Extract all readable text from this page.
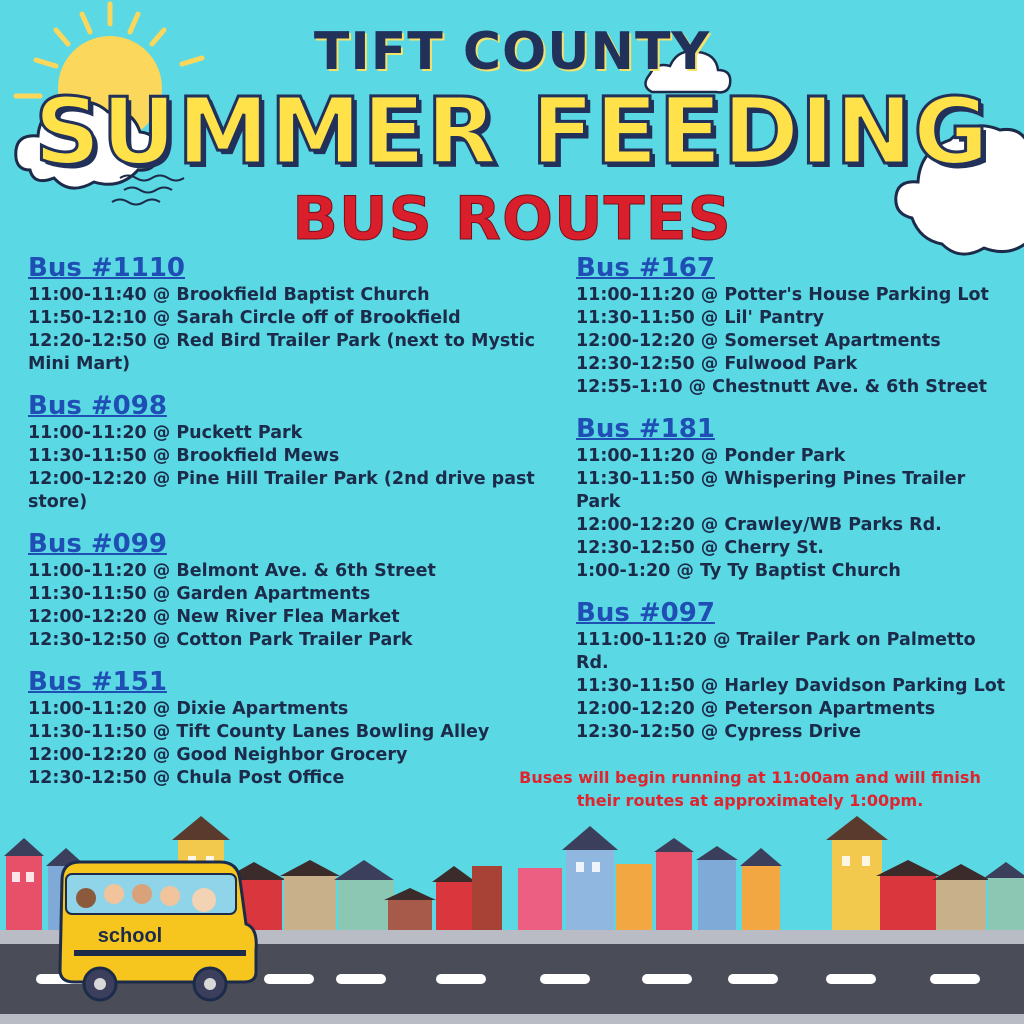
school
TIFT COUNTY
SUMMER FEEDING
BUS ROUTES
Bus #1110
11:00-11:40 @ Brookfield Baptist Church
11:50-12:10 @ Sarah Circle off of Brookfield
12:20-12:50 @ Red Bird Trailer Park (next to Mystic Mini Mart)
Bus #098
11:00-11:20 @ Puckett Park
11:30-11:50 @ Brookfield Mews
12:00-12:20 @ Pine Hill Trailer Park (2nd drive past store)
Bus #099
11:00-11:20 @ Belmont Ave. & 6th Street
11:30-11:50 @ Garden Apartments
12:00-12:20 @ New River Flea Market
12:30-12:50 @ Cotton Park Trailer Park
Bus #151
11:00-11:20 @ Dixie Apartments
11:30-11:50 @ Tift County Lanes Bowling Alley
12:00-12:20 @ Good Neighbor Grocery
12:30-12:50 @ Chula Post Office
Bus #167
11:00-11:20 @ Potter's House Parking Lot
11:30-11:50 @ Lil' Pantry
12:00-12:20 @ Somerset Apartments
12:30-12:50 @ Fulwood Park
12:55-1:10 @ Chestnutt Ave. & 6th Street
Bus #181
11:00-11:20 @ Ponder Park
11:30-11:50 @ Whispering Pines Trailer Park
12:00-12:20 @ Crawley/WB Parks Rd.
12:30-12:50 @ Cherry St.
1:00-1:20 @ Ty Ty Baptist Church
Bus #097
111:00-11:20 @ Trailer Park on Palmetto Rd.
11:30-11:50 @ Harley Davidson Parking Lot
12:00-12:20 @ Peterson Apartments
12:30-12:50 @ Cypress Drive
Buses will begin running at 11:00am and will finish their routes at approximately 1:00pm.
